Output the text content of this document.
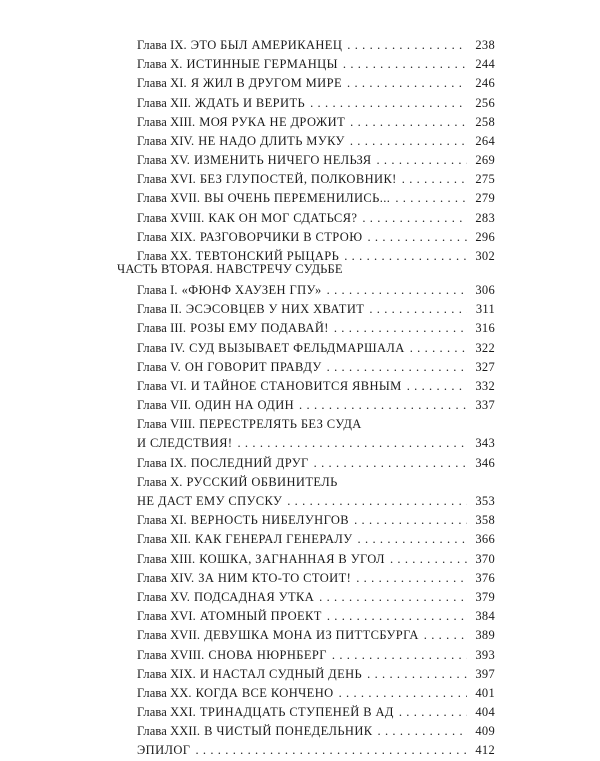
Глава IX. ЭТО БЫЛ АМЕРИКАНЕЦ . . .	238
Глава X. ИСТИННЫЕ ГЕРМАНЦЫ . . .	244
Глава XI. Я ЖИЛ В ДРУГОМ МИРЕ . . .	246
Глава XII. ЖДАТЬ И ВЕРИТЬ . . .	256
Глава XIII. МОЯ РУКА НЕ ДРОЖИТ . . .	258
Глава XIV. НЕ НАДО ДЛИТЬ МУКУ . . .	264
Глава XV. ИЗМЕНИТЬ НИЧЕГО НЕЛЬЗЯ . . .	269
Глава XVI. БЕЗ ГЛУПОСТЕЙ, ПОЛКОВНИК! . . .	275
Глава XVII. ВЫ ОЧЕНЬ ПЕРЕМЕНИЛИСЬ... . . .	279
Глава XVIII. КАК ОН МОГ СДАТЬСЯ? . . .	283
Глава XIX. РАЗГОВОРЧИКИ В СТРОЮ . . .	296
Глава XX. ТЕВТОНСКИЙ РЫЦАРЬ . . .	302
ЧАСТЬ ВТОРАЯ. НАВСТРЕЧУ СУДЬБЕ
Глава I. «ФЮНФ ХАУЗЕН ГПУ» . . .	306
Глава II. ЭСЭСОВЦЕВ У НИХ ХВАТИТ . . .	311
Глава III. РОЗЫ ЕМУ ПОДАВАЙ! . . .	316
Глава IV. СУД ВЫЗЫВАЕТ ФЕЛЬДМАРШАЛА . . .	322
Глава V. ОН ГОВОРИТ ПРАВДУ . . .	327
Глава VI. И ТАЙНОЕ СТАНОВИТСЯ ЯВНЫМ . . .	332
Глава VII. ОДИН НА ОДИН . . .	337
Глава VIII. ПЕРЕСТРЕЛЯТЬ БЕЗ СУДА
И СЛЕДСТВИЯ! . . .	343
Глава IX. ПОСЛЕДНИЙ ДРУГ . . .	346
Глава X. РУССКИЙ ОБВИНИТЕЛЬ
НЕ ДАСТ ЕМУ СПУСКУ . . .	353
Глава XI. ВЕРНОСТЬ НИБЕЛУНГОВ . . .	358
Глава XII. КАК ГЕНЕРАЛ ГЕНЕРАЛУ . . .	366
Глава XIII. КОШКА, ЗАГНАННАЯ В УГОЛ . . .	370
Глава XIV. ЗА НИМ КТО-ТО СТОИТ! . . .	376
Глава XV. ПОДСАДНАЯ УТКА . . .	379
Глава XVI. АТОМНЫЙ ПРОЕКТ . . .	384
Глава XVII. ДЕВУШКА МОНА ИЗ ПИТТСБУРГА . . .	389
Глава XVIII. СНОВА НЮРНБЕРГ . . .	393
Глава XIX. И НАСТАЛ СУДНЫЙ ДЕНЬ . . .	397
Глава XX. КОГДА ВСЕ КОНЧЕНО . . .	401
Глава XXI. ТРИНАДЦАТЬ СТУПЕНЕЙ В АД . . .	404
Глава XXII. В ЧИСТЫЙ ПОНЕДЕЛЬНИК . . .	409
ЭПИЛОГ . . .	412
